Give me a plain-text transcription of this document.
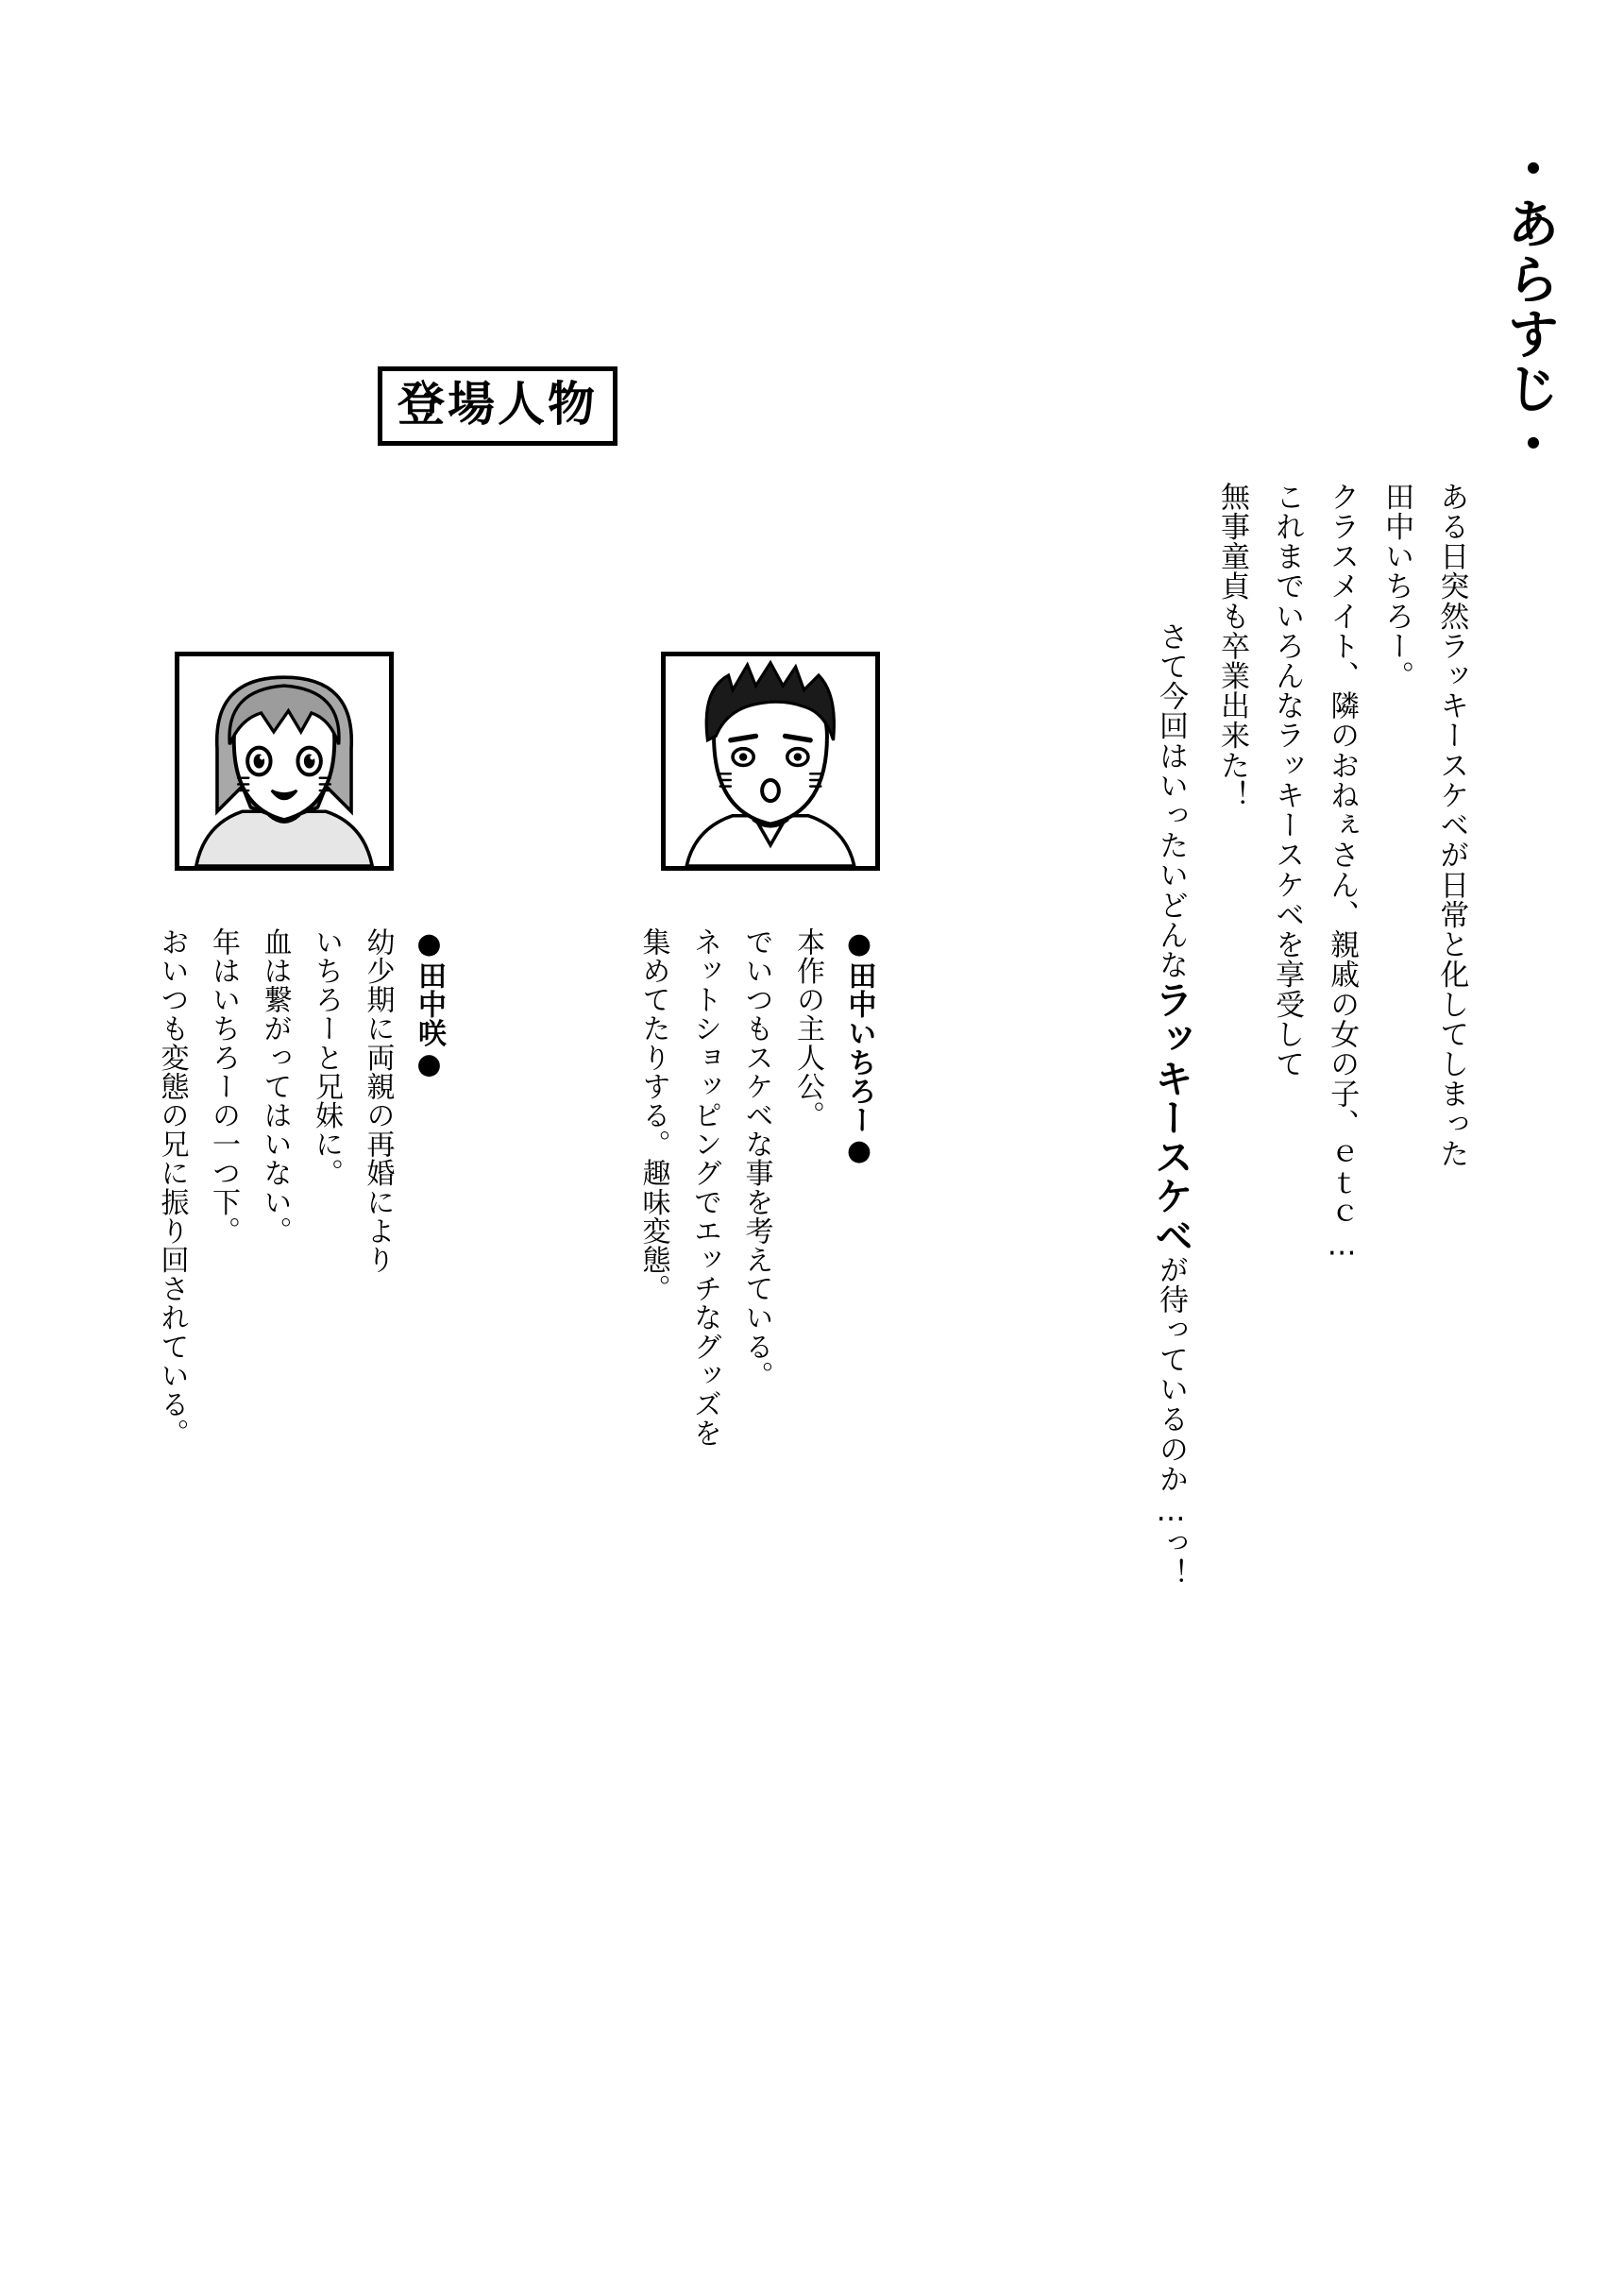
・あらすじ・
ある日突然ラッキースケベが日常と化してしまった
田中いちろー。
クラスメイト、隣のおねぇさん、親戚の女の子、ｅｔｃ…
これまでいろんなラッキースケベを享受して
無事童貞も卒業出来た！
さて今回はいったいどんなラッキースケベが待っているのか…っ！
登場人物
●田中いちろー●
本作の主人公。
でいつもスケベな事を考えている。
ネットショッピングでエッチなグッズを
集めてたりする。趣味変態。
●田中咲●
幼少期に両親の再婚により
いちろーと兄妹に。
血は繋がってはいない。
年はいちろーの一つ下。
おいつも変態の兄に振り回されている。
